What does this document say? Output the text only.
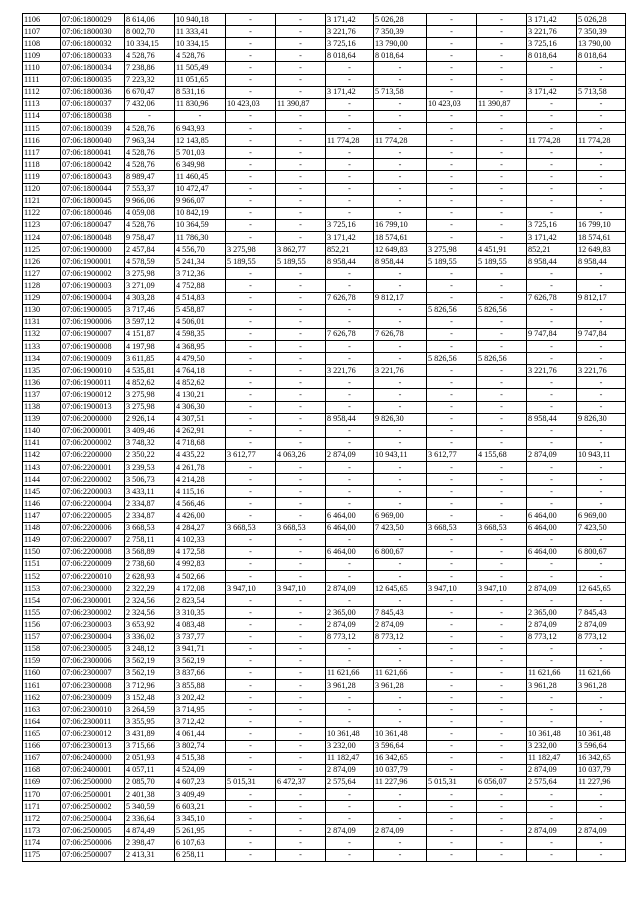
1106	07:06:1800029	8 614,06	10 940,18	-	-	3 171,42	5 026,28	-	-	3 171,42	5 026,28
1107	07:06:1800030	8 002,70	11 333,41	-	-	3 221,76	7 350,39	-	-	3 221,76	7 350,39
1108	07:06:1800032	10 334,15	10 334,15	-	-	3 725,16	13 790,00	-	-	3 725,16	13 790,00
1109	07:06:1800033	4 528,76	4 528,76	-	-	8 018,64	8 018,64	-	-	8 018,64	8 018,64
1110	07:06:1800034	7 238,86	11 505,49	-	-	-	-	-	-	-	-
1111	07:06:1800035	7 223,32	11 051,65	-	-	-	-	-	-	-	-
1112	07:06:1800036	6 670,47	8 531,16	-	-	3 171,42	5 713,58	-	-	3 171,42	5 713,58
1113	07:06:1800037	7 432,06	11 830,96	10 423,03	11 390,87	-	-	10 423,03	11 390,87	-	-
1114	07:06:1800038	-	-	-	-	-	-	-	-	-	-
1115	07:06:1800039	4 528,76	6 943,93	-	-	-	-	-	-	-	-
1116	07:06:1800040	7 963,34	12 143,85	-	-	11 774,28	11 774,28	-	-	11 774,28	11 774,28
1117	07:06:1800041	4 528,76	5 701,03	-	-	-	-	-	-	-	-
1118	07:06:1800042	4 528,76	6 349,98	-	-	-	-	-	-	-	-
1119	07:06:1800043	8 989,47	11 460,45	-	-	-	-	-	-	-	-
1120	07:06:1800044	7 553,37	10 472,47	-	-	-	-	-	-	-	-
1121	07:06:1800045	9 966,06	9 966,07	-	-	-	-	-	-	-	-
1122	07:06:1800046	4 059,08	10 842,19	-	-	-	-	-	-	-	-
1123	07:06:1800047	4 528,76	10 364,59	-	-	3 725,16	16 799,10	-	-	3 725,16	16 799,10
1124	07:06:1800048	9 758,47	11 786,30	-	-	3 171,42	18 574,61	-	-	3 171,42	18 574,61
1125	07:06:1900000	2 457,84	4 556,70	3 275,98	3 862,77	852,21	12 649,83	3 275,98	4 451,91	852,21	12 649,83
1126	07:06:1900001	4 578,59	5 241,34	5 189,55	5 189,55	8 958,44	8 958,44	5 189,55	5 189,55	8 958,44	8 958,44
1127	07:06:1900002	3 275,98	3 712,36	-	-	-	-	-	-	-	-
1128	07:06:1900003	3 271,09	4 752,88	-	-	-	-	-	-	-	-
1129	07:06:1900004	4 303,28	4 514,83	-	-	7 626,78	9 812,17	-	-	7 626,78	9 812,17
1130	07:06:1900005	3 717,46	5 458,87	-	-	-	-	5 826,56	5 826,56	-	-
1131	07:06:1900006	3 597,12	4 506,01	-	-	-	-	-	-	-	-
1132	07:06:1900007	4 151,87	4 598,35	-	-	7 626,78	7 626,78	-	-	9 747,84	9 747,84
1133	07:06:1900008	4 197,98	4 368,95	-	-	-	-	-	-	-	-
1134	07:06:1900009	3 611,85	4 479,50	-	-	-	-	5 826,56	5 826,56	-	-
1135	07:06:1900010	4 535,81	4 764,18	-	-	3 221,76	3 221,76	-	-	3 221,76	3 221,76
1136	07:06:1900011	4 852,62	4 852,62	-	-	-	-	-	-	-	-
1137	07:06:1900012	3 275,98	4 130,21	-	-	-	-	-	-	-	-
1138	07:06:1900013	3 275,98	4 306,30	-	-	-	-	-	-	-	-
1139	07:06:2000000	2 926,14	4 307,51	-	-	8 958,44	9 826,30	-	-	8 958,44	9 826,30
1140	07:06:2000001	3 409,46	4 262,91	-	-	-	-	-	-	-	-
1141	07:06:2000002	3 748,32	4 718,68	-	-	-	-	-	-	-	-
1142	07:06:2200000	2 350,22	4 435,22	3 612,77	4 063,26	2 874,09	10 943,11	3 612,77	4 155,68	2 874,09	10 943,11
1143	07:06:2200001	3 239,53	4 261,78	-	-	-	-	-	-	-	-
1144	07:06:2200002	3 506,73	4 214,28	-	-	-	-	-	-	-	-
1145	07:06:2200003	3 433,11	4 115,16	-	-	-	-	-	-	-	-
1146	07:06:2200004	2 334,87	4 566,46	-	-	-	-	-	-	-	-
1147	07:06:2200005	2 334,87	4 426,00	-	-	6 464,00	6 969,00	-	-	6 464,00	6 969,00
1148	07:06:2200006	3 668,53	4 284,27	3 668,53	3 668,53	6 464,00	7 423,50	3 668,53	3 668,53	6 464,00	7 423,50
1149	07:06:2200007	2 758,11	4 102,33	-	-	-	-	-	-	-	-
1150	07:06:2200008	3 568,89	4 172,58	-	-	6 464,00	6 800,67	-	-	6 464,00	6 800,67
1151	07:06:2200009	2 738,60	4 992,83	-	-	-	-	-	-	-	-
1152	07:06:2200010	2 628,93	4 502,66	-	-	-	-	-	-	-	-
1153	07:06:2300000	2 322,29	4 172,08	3 947,10	3 947,10	2 874,09	12 645,65	3 947,10	3 947,10	2 874,09	12 645,65
1154	07:06:2300001	2 324,56	2 823,54	-	-	-	-	-	-	-	-
1155	07:06:2300002	2 324,56	3 310,35	-	-	2 365,00	7 845,43	-	-	2 365,00	7 845,43
1156	07:06:2300003	3 653,92	4 083,48	-	-	2 874,09	2 874,09	-	-	2 874,09	2 874,09
1157	07:06:2300004	3 336,02	3 737,77	-	-	8 773,12	8 773,12	-	-	8 773,12	8 773,12
1158	07:06:2300005	3 248,12	3 941,71	-	-	-	-	-	-	-	-
1159	07:06:2300006	3 562,19	3 562,19	-	-	-	-	-	-	-	-
1160	07:06:2300007	3 562,19	3 837,66	-	-	11 621,66	11 621,66	-	-	11 621,66	11 621,66
1161	07:06:2300008	3 712,96	3 855,88	-	-	3 961,28	3 961,28	-	-	3 961,28	3 961,28
1162	07:06:2300009	3 152,48	3 202,42	-	-	-	-	-	-	-	-
1163	07:06:2300010	3 264,59	3 714,95	-	-	-	-	-	-	-	-
1164	07:06:2300011	3 355,95	3 712,42	-	-	-	-	-	-	-	-
1165	07:06:2300012	3 431,89	4 061,44	-	-	10 361,48	10 361,48	-	-	10 361,48	10 361,48
1166	07:06:2300013	3 715,66	3 802,74	-	-	3 232,00	3 596,64	-	-	3 232,00	3 596,64
1167	07:06:2400000	2 051,93	4 515,38	-	-	11 182,47	16 342,65	-	-	11 182,47	16 342,65
1168	07:06:2400001	4 057,11	4 524,09	-	-	2 874,09	10 037,79	-	-	2 874,09	10 037,79
1169	07:06:2500000	2 085,70	4 607,23	5 015,31	6 472,37	2 575,64	11 227,96	5 015,31	6 056,07	2 575,64	11 227,96
1170	07:06:2500001	2 401,38	3 409,49	-	-	-	-	-	-	-	-
1171	07:06:2500002	5 340,59	6 603,21	-	-	-	-	-	-	-	-
1172	07:06:2500004	2 336,64	3 345,10	-	-	-	-	-	-	-	-
1173	07:06:2500005	4 874,49	5 261,95	-	-	2 874,09	2 874,09	-	-	2 874,09	2 874,09
1174	07:06:2500006	2 398,47	6 107,63	-	-	-	-	-	-	-	-
1175	07:06:2500007	2 413,31	6 258,11	-	-	-	-	-	-	-	-
